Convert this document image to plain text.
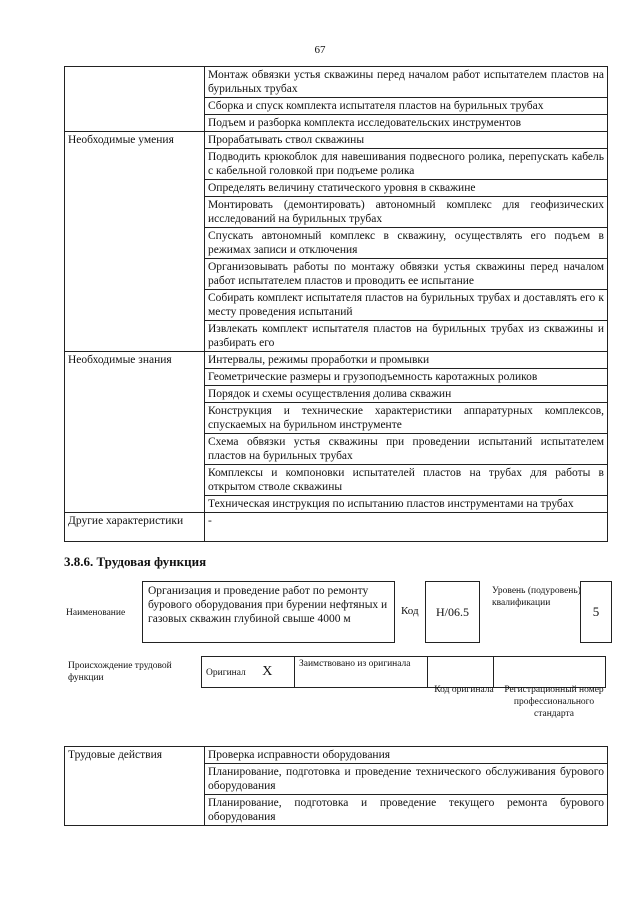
67
	Монтаж обвязки устья скважины перед началом работ испытателем пластов на бурильных трубах
	Сборка и спуск комплекта испытателя пластов на бурильных трубах
	Подъем и разборка комплекта исследовательских инструментов
Необходимые умения	Прорабатывать ствол скважины
	Подводить крюкоблок для навешивания подвесного ролика, перепускать кабель с кабельной головкой при подъеме ролика
	Определять величину статического уровня в скважине
	Монтировать (демонтировать) автономный комплекс для геофизических исследований на бурильных трубах
	Спускать автономный комплекс в скважину, осуществлять его подъем в режимах записи и отключения
	Организовывать работы по монтажу обвязки устья скважины перед началом работ испытателем пластов и проводить ее испытание
	Собирать комплект испытателя пластов на бурильных трубах и доставлять его к месту проведения испытаний
	Извлекать комплект испытателя пластов на бурильных трубах из скважины и разбирать его
Необходимые знания	Интервалы, режимы проработки и промывки
	Геометрические размеры и грузоподъемность каротажных роликов
	Порядок и схемы осуществления долива скважин
	Конструкция и технические характеристики аппаратурных комплексов, спускаемых на бурильном инструменте
	Схема обвязки устья скважины при проведении испытаний испытателем пластов на бурильных трубах
	Комплексы и компоновки испытателей пластов на трубах для работы в открытом стволе скважины
	Техническая инструкция по испытанию пластов инструментами на трубах
Другие характеристики	-
3.8.6. Трудовая функция
Наименование
Организация и проведение работ по ремонту бурового оборудования при бурении нефтяных и газовых скважин глубиной свыше 4000 м
Код	H/06.5
Уровень (подуровень) квалификации
5
Происхождение трудовой функции	Оригинал X	Заимствовано из оригинала		
Код оригинала Регистрационный номер профессионального стандарта
Трудовые действия	Проверка исправности оборудования
Планирование, подготовка и проведение технического обслуживания бурового оборудования
Планирование, подготовка и проведение текущего ремонта бурового оборудования
